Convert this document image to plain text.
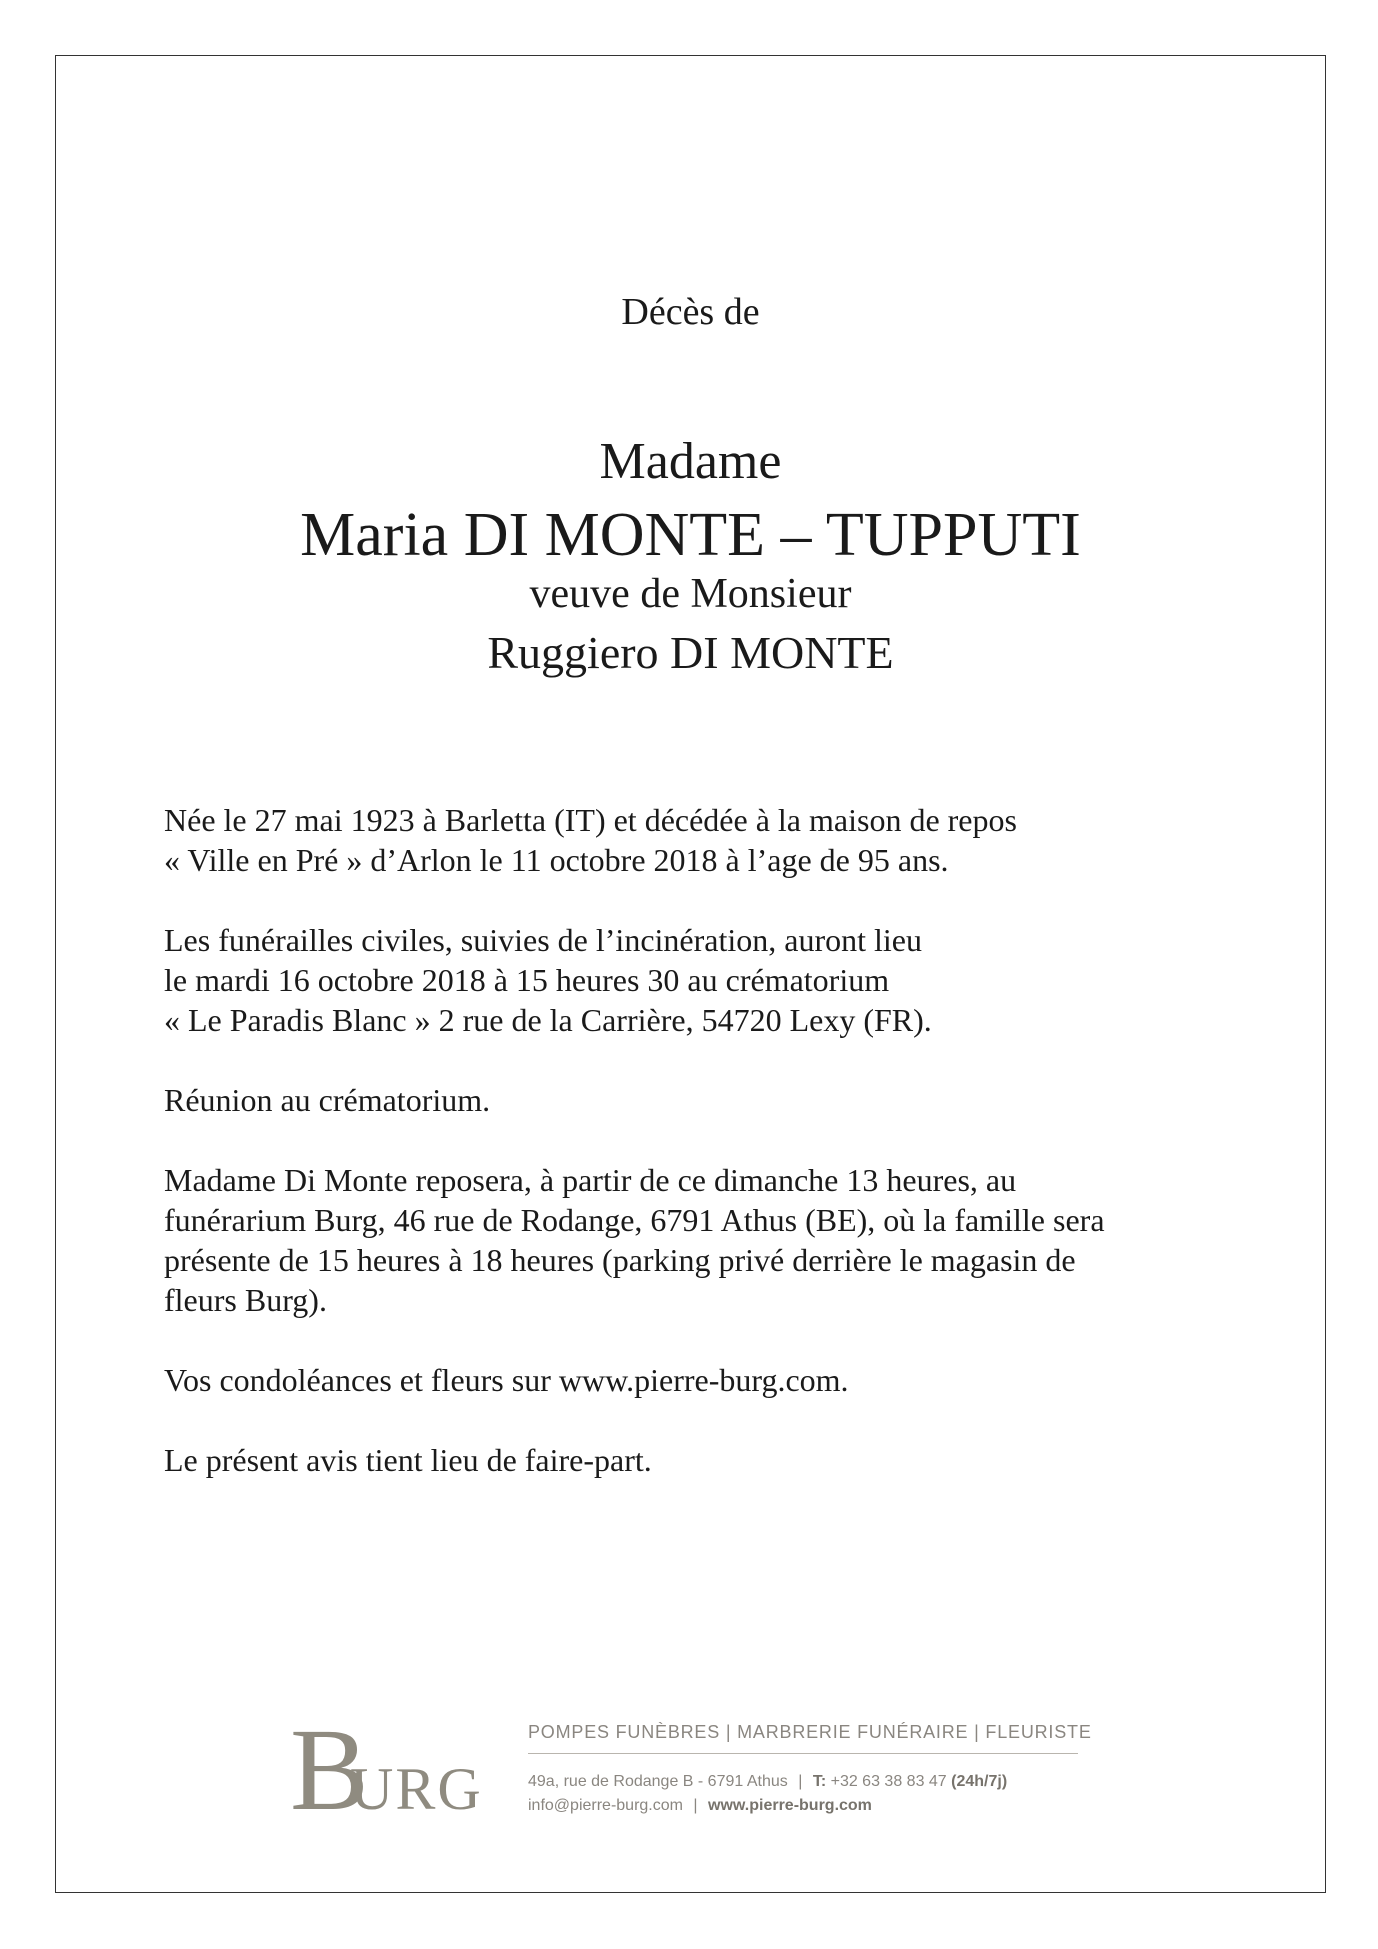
Décès de
Madame
Maria DI MONTE – TUPPUTI
veuve de Monsieur
Ruggiero DI MONTE
Née le 27 mai 1923 à Barletta (IT) et décédée à la maison de repos
« Ville en Pré » d’Arlon le 11 octobre 2018 à l’age de 95 ans.
Les funérailles civiles, suivies de l’incinération, auront lieu
le mardi 16 octobre 2018 à 15 heures 30 au crématorium
« Le Paradis Blanc » 2 rue de la Carrière, 54720 Lexy (FR).
Réunion au crématorium.
Madame Di Monte reposera, à partir de ce dimanche 13 heures, au
funérarium Burg, 46 rue de Rodange, 6791 Athus (BE), où la famille sera
présente de 15 heures à 18 heures (parking privé derrière le magasin de
fleurs Burg).
Vos condoléances et fleurs sur www.pierre-burg.com.
Le présent avis tient lieu de faire-part.
B
URG
POMPES FUNÈBRES | MARBRERIE FUNÉRAIRE | FLEURISTE
49a, rue de Rodange B - 6791 Athus | T: +32 63 38 83 47 (24h/7j)
info@pierre-burg.com | www.pierre-burg.com
